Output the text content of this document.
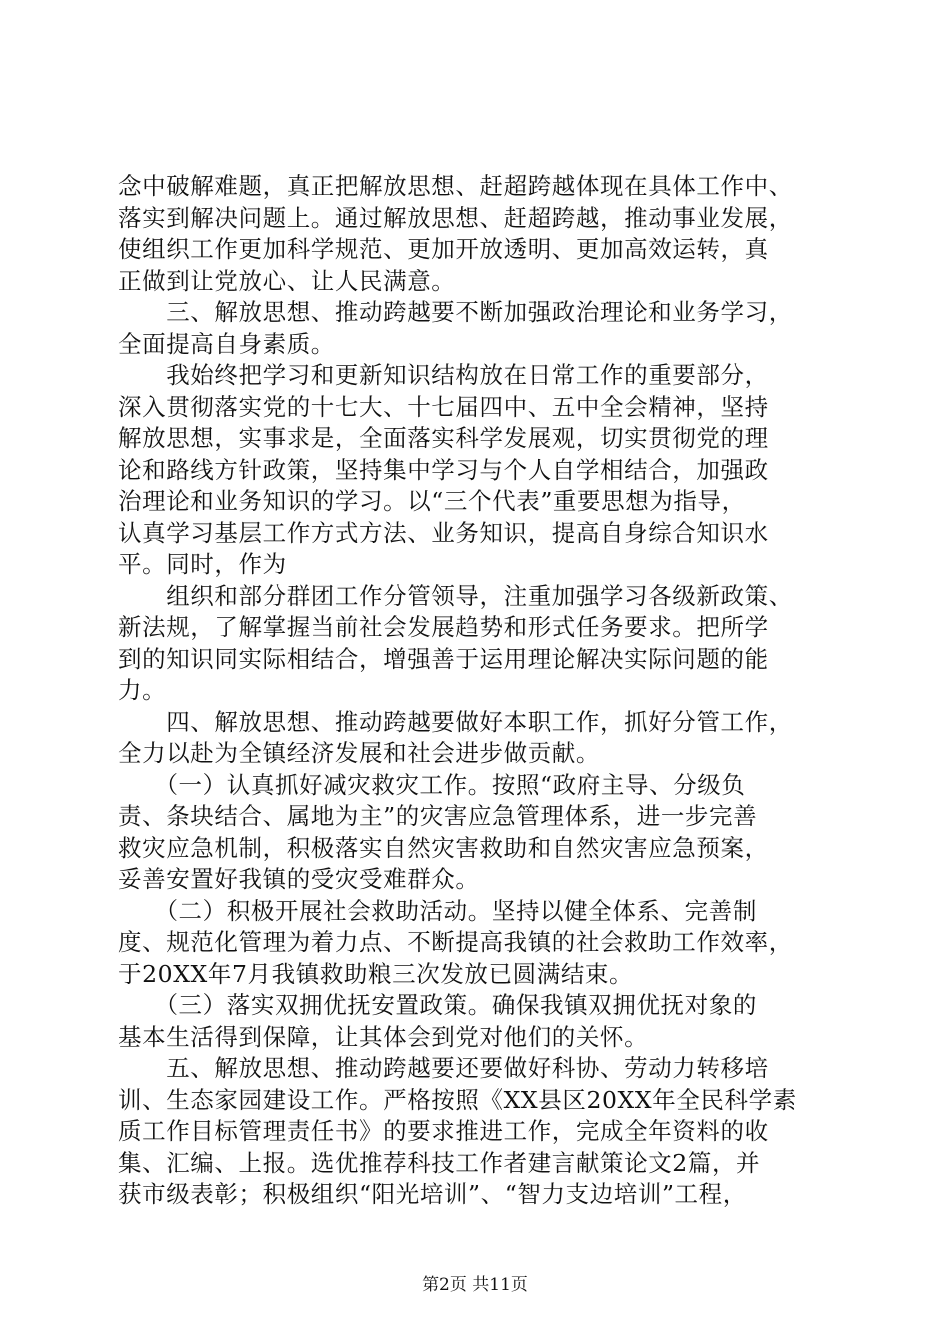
念中破解难题，真正把解放思想、赶超跨越体现在具体工作中、
落实到解决问题上。通过解放思想、赶超跨越，推动事业发展，
使组织工作更加科学规范、更加开放透明、更加高效运转，真
正做到让党放心、让人民满意。
　　三、解放思想、推动跨越要不断加强政治理论和业务学习，
全面提高自身素质。
　　我始终把学习和更新知识结构放在日常工作的重要部分，
深入贯彻落实党的十七大、十七届四中、五中全会精神，坚持
解放思想，实事求是，全面落实科学发展观，切实贯彻党的理
论和路线方针政策，坚持集中学习与个人自学相结合，加强政
治理论和业务知识的学习。以“三个代表”重要思想为指导，
认真学习基层工作方式方法、业务知识，提高自身综合知识水
平。同时，作为
　　组织和部分群团工作分管领导，注重加强学习各级新政策、
新法规，了解掌握当前社会发展趋势和形式任务要求。把所学
到的知识同实际相结合，增强善于运用理论解决实际问题的能
力。
　　四、解放思想、推动跨越要做好本职工作，抓好分管工作，
全力以赴为全镇经济发展和社会进步做贡献。
　　（一）认真抓好减灾救灾工作。按照“政府主导、分级负
责、条块结合、属地为主”的灾害应急管理体系，进一步完善
救灾应急机制，积极落实自然灾害救助和自然灾害应急预案，
妥善安置好我镇的受灾受难群众。
　　（二）积极开展社会救助活动。坚持以健全体系、完善制
度、规范化管理为着力点、不断提高我镇的社会救助工作效率，
于20XX年7月我镇救助粮三次发放已圆满结束。
　　（三）落实双拥优抚安置政策。确保我镇双拥优抚对象的
基本生活得到保障，让其体会到党对他们的关怀。
　　五、解放思想、推动跨越要还要做好科协、劳动力转移培
训、生态家园建设工作。严格按照《XX县区20XX年全民科学素
质工作目标管理责任书》的要求推进工作，完成全年资料的收
集、汇编、上报。选优推荐科技工作者建言献策论文2篇，并
获市级表彰；积极组织“阳光培训”、“智力支边培训”工程，
第2页 共11页
